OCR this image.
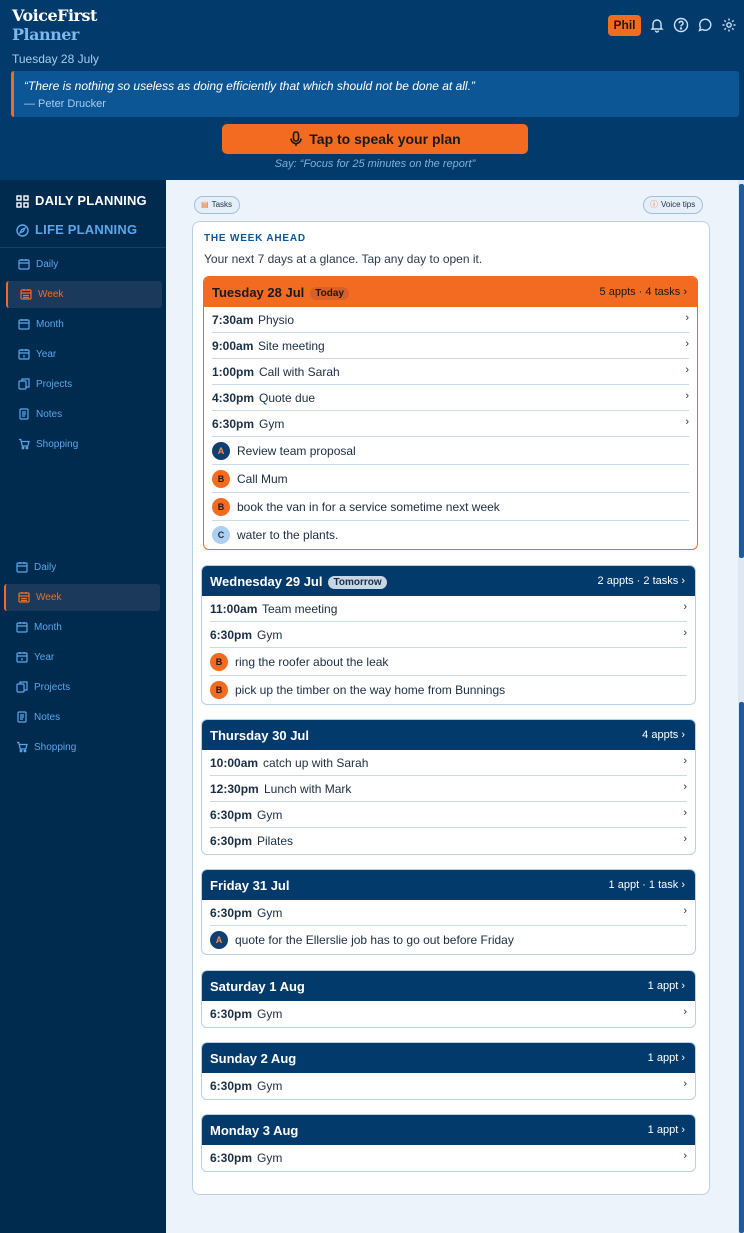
VoiceFirst
Planner
Tuesday 28 July
Phil
“There is nothing so useless as doing efficiently that which should not be done at all.”
— Peter Drucker
Tap to speak your plan
Say: “Focus for 25 minutes on the report”
DAILY PLANNING
LIFE PLANNING
Daily
Week
Month
Year
Projects
Notes
Shopping
Daily
Week
Month
Year
Projects
Notes
Shopping
▤ Tasks	ⓘ Voice tips
THE WEEK AHEAD
Your next 7 days at a glance. Tap any day to open it.
Tuesday 28 Jul Today	5 appts · 4 tasks ›
7:30am Physio	›
9:00am Site meeting	›
1:00pm Call with Sarah	›
4:30pm Quote due	›
6:30pm Gym	›
A	Review team proposal
B	Call Mum
B	book the van in for a service sometime next week
C	water to the plants.
Wednesday 29 Jul Tomorrow	2 appts · 2 tasks ›
11:00am Team meeting	›
6:30pm Gym	›
B	ring the roofer about the leak
B	pick up the timber on the way home from Bunnings
Thursday 30 Jul	4 appts ›
10:00am catch up with Sarah	›
12:30pm Lunch with Mark	›
6:30pm Gym	›
6:30pm Pilates	›
Friday 31 Jul	1 appt · 1 task ›
6:30pm Gym	›
A	quote for the Ellerslie job has to go out before Friday
Saturday 1 Aug	1 appt ›
6:30pm Gym	›
Sunday 2 Aug	1 appt ›
6:30pm Gym	›
Monday 3 Aug	1 appt ›
6:30pm Gym	›
